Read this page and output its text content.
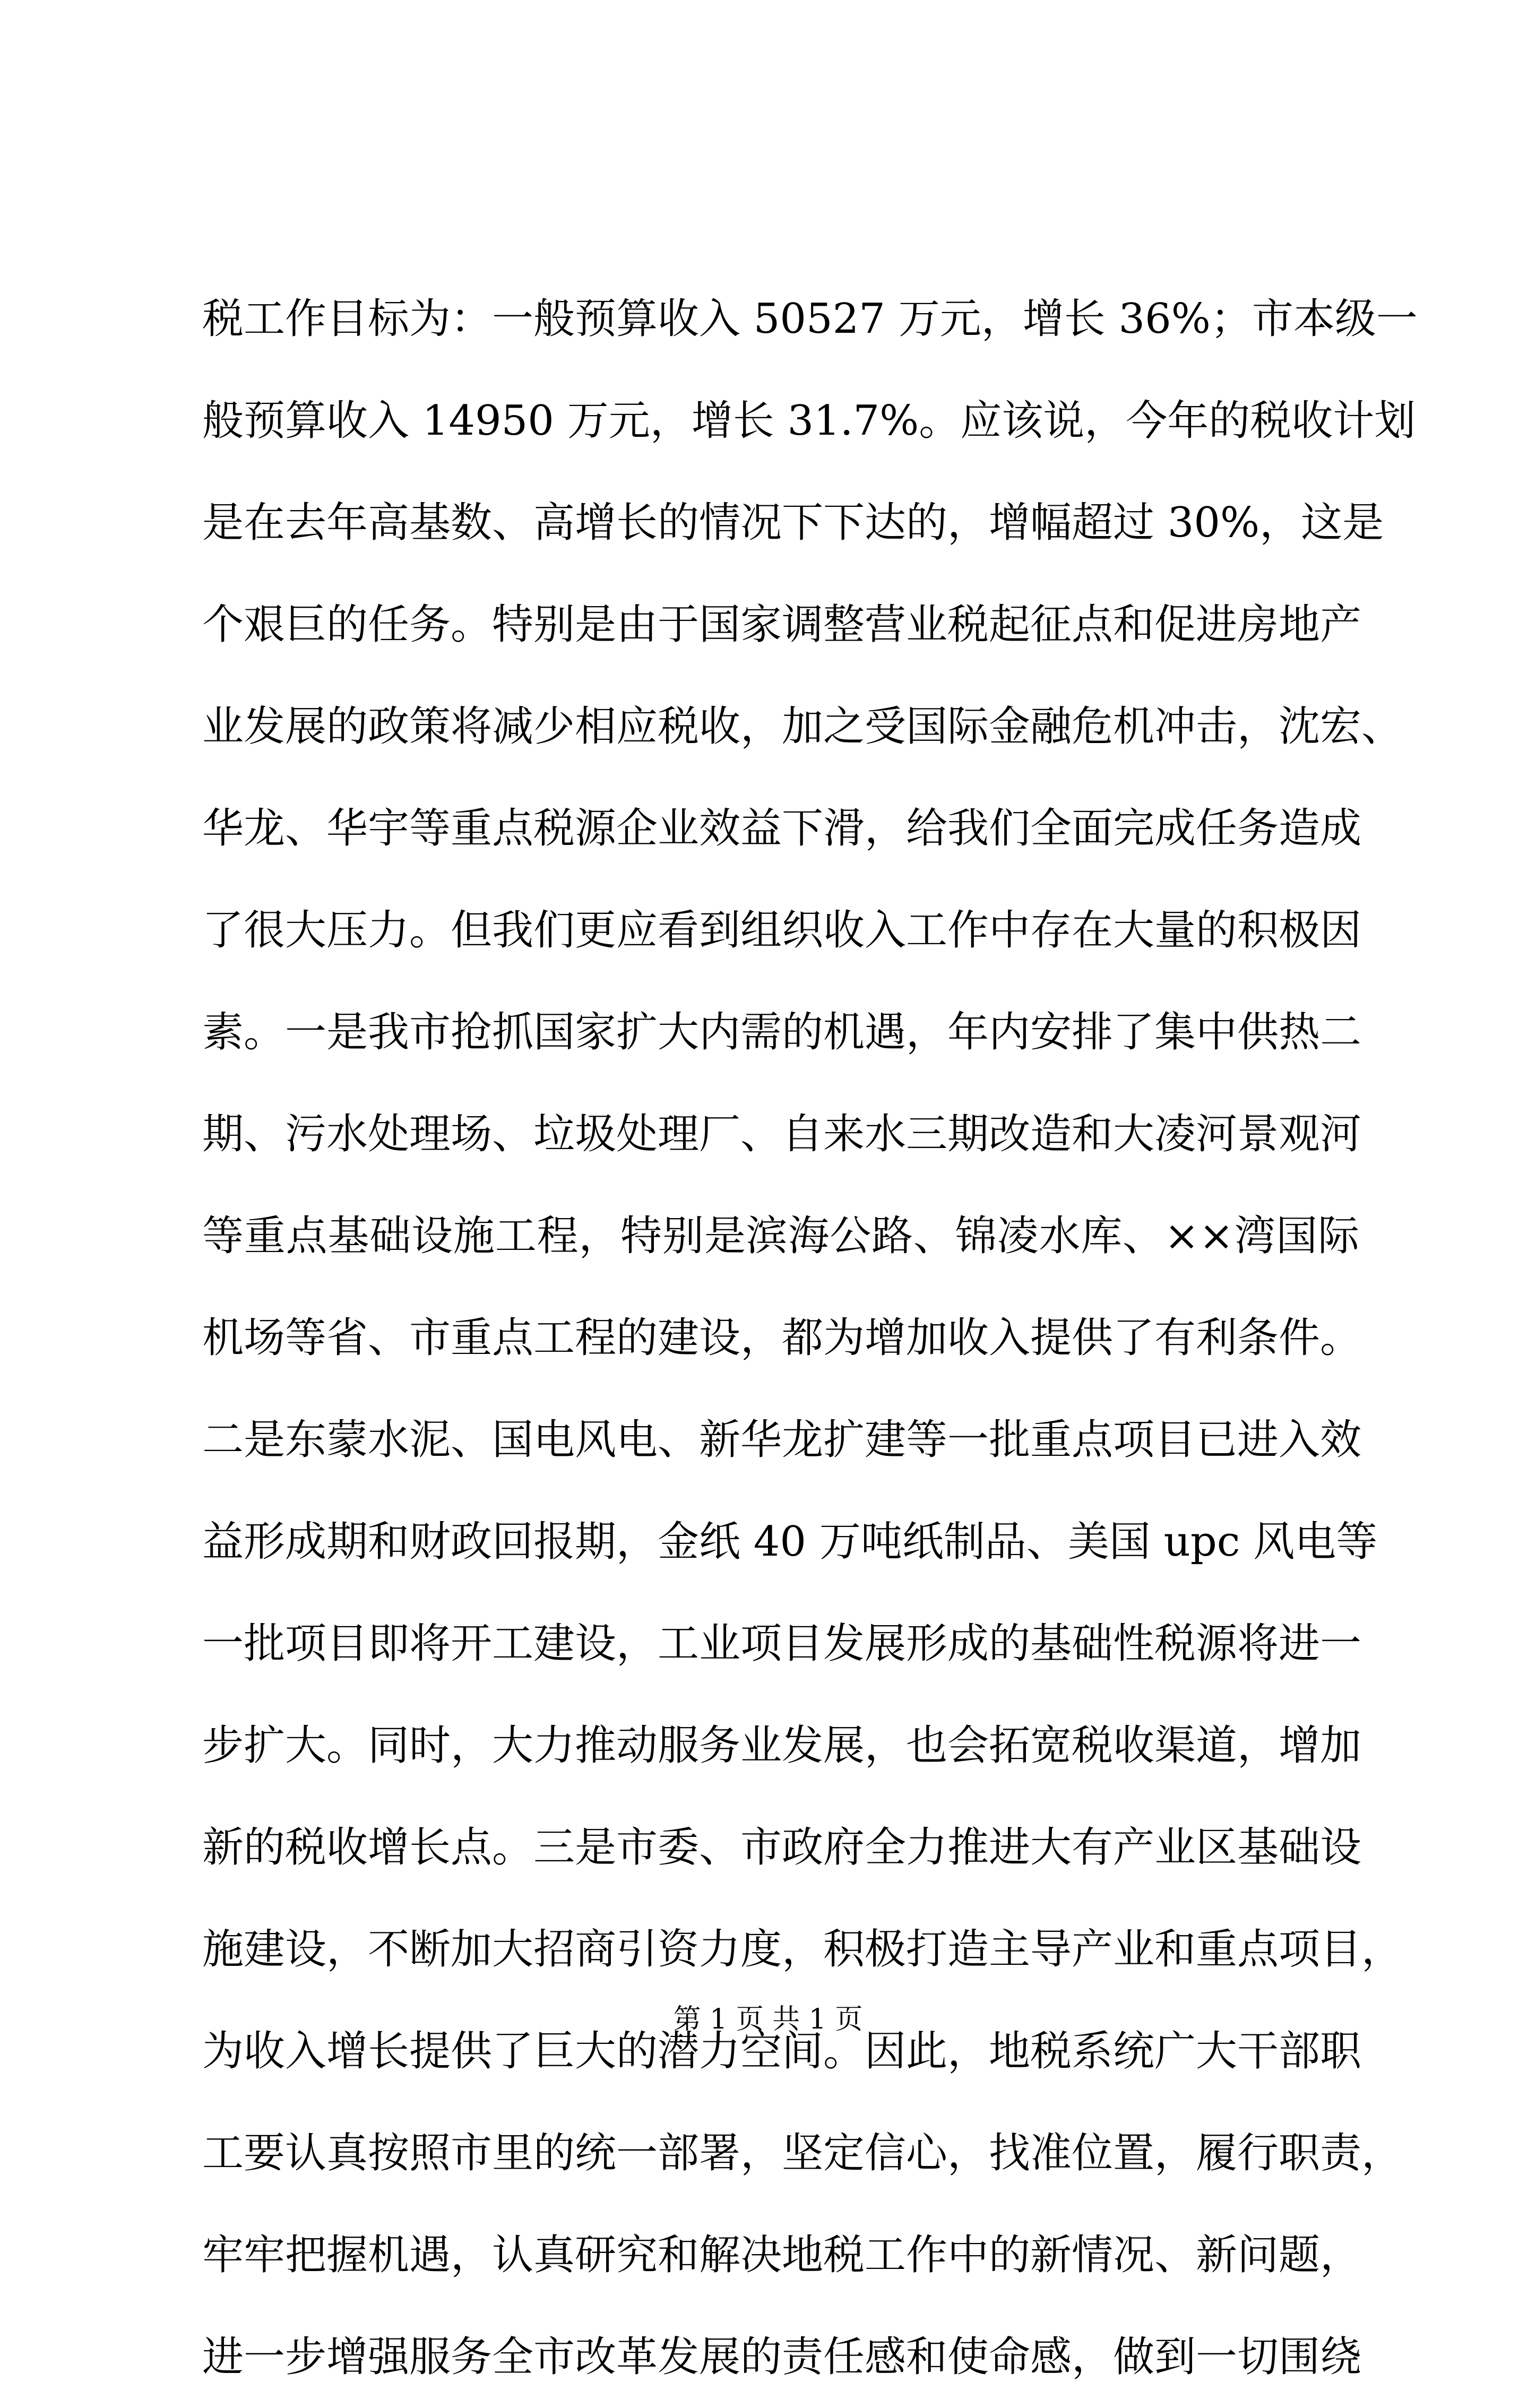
税工作目标为：一般预算收入 50527 万元，增长 36%；市本级一
般预算收入 14950 万元，增长 31.7%。应该说，今年的税收计划
是在去年高基数、高增长的情况下下达的，增幅超过 30%，这是
个艰巨的任务。特别是由于国家调整营业税起征点和促进房地产
业发展的政策将减少相应税收，加之受国际金融危机冲击，沈宏、
华龙、华宇等重点税源企业效益下滑，给我们全面完成任务造成
了很大压力。但我们更应看到组织收入工作中存在大量的积极因
素。一是我市抢抓国家扩大内需的机遇，年内安排了集中供热二
期、污水处理场、垃圾处理厂、自来水三期改造和大凌河景观河
等重点基础设施工程，特别是滨海公路、锦凌水库、××湾国际
机场等省、市重点工程的建设，都为增加收入提供了有利条件。
二是东蒙水泥、国电风电、新华龙扩建等一批重点项目已进入效
益形成期和财政回报期，金纸 40 万吨纸制品、美国 upc 风电等
一批项目即将开工建设，工业项目发展形成的基础性税源将进一
步扩大。同时，大力推动服务业发展，也会拓宽税收渠道，增加
新的税收增长点。三是市委、市政府全力推进大有产业区基础设
施建设，不断加大招商引资力度，积极打造主导产业和重点项目，
为收入增长提供了巨大的潜力空间。因此，地税系统广大干部职
工要认真按照市里的统一部署，坚定信心，找准位置，履行职责，
牢牢把握机遇，认真研究和解决地税工作中的新情况、新问题，
进一步增强服务全市改革发展的责任感和使命感，做到一切围绕
第 1 页 共 1 页
